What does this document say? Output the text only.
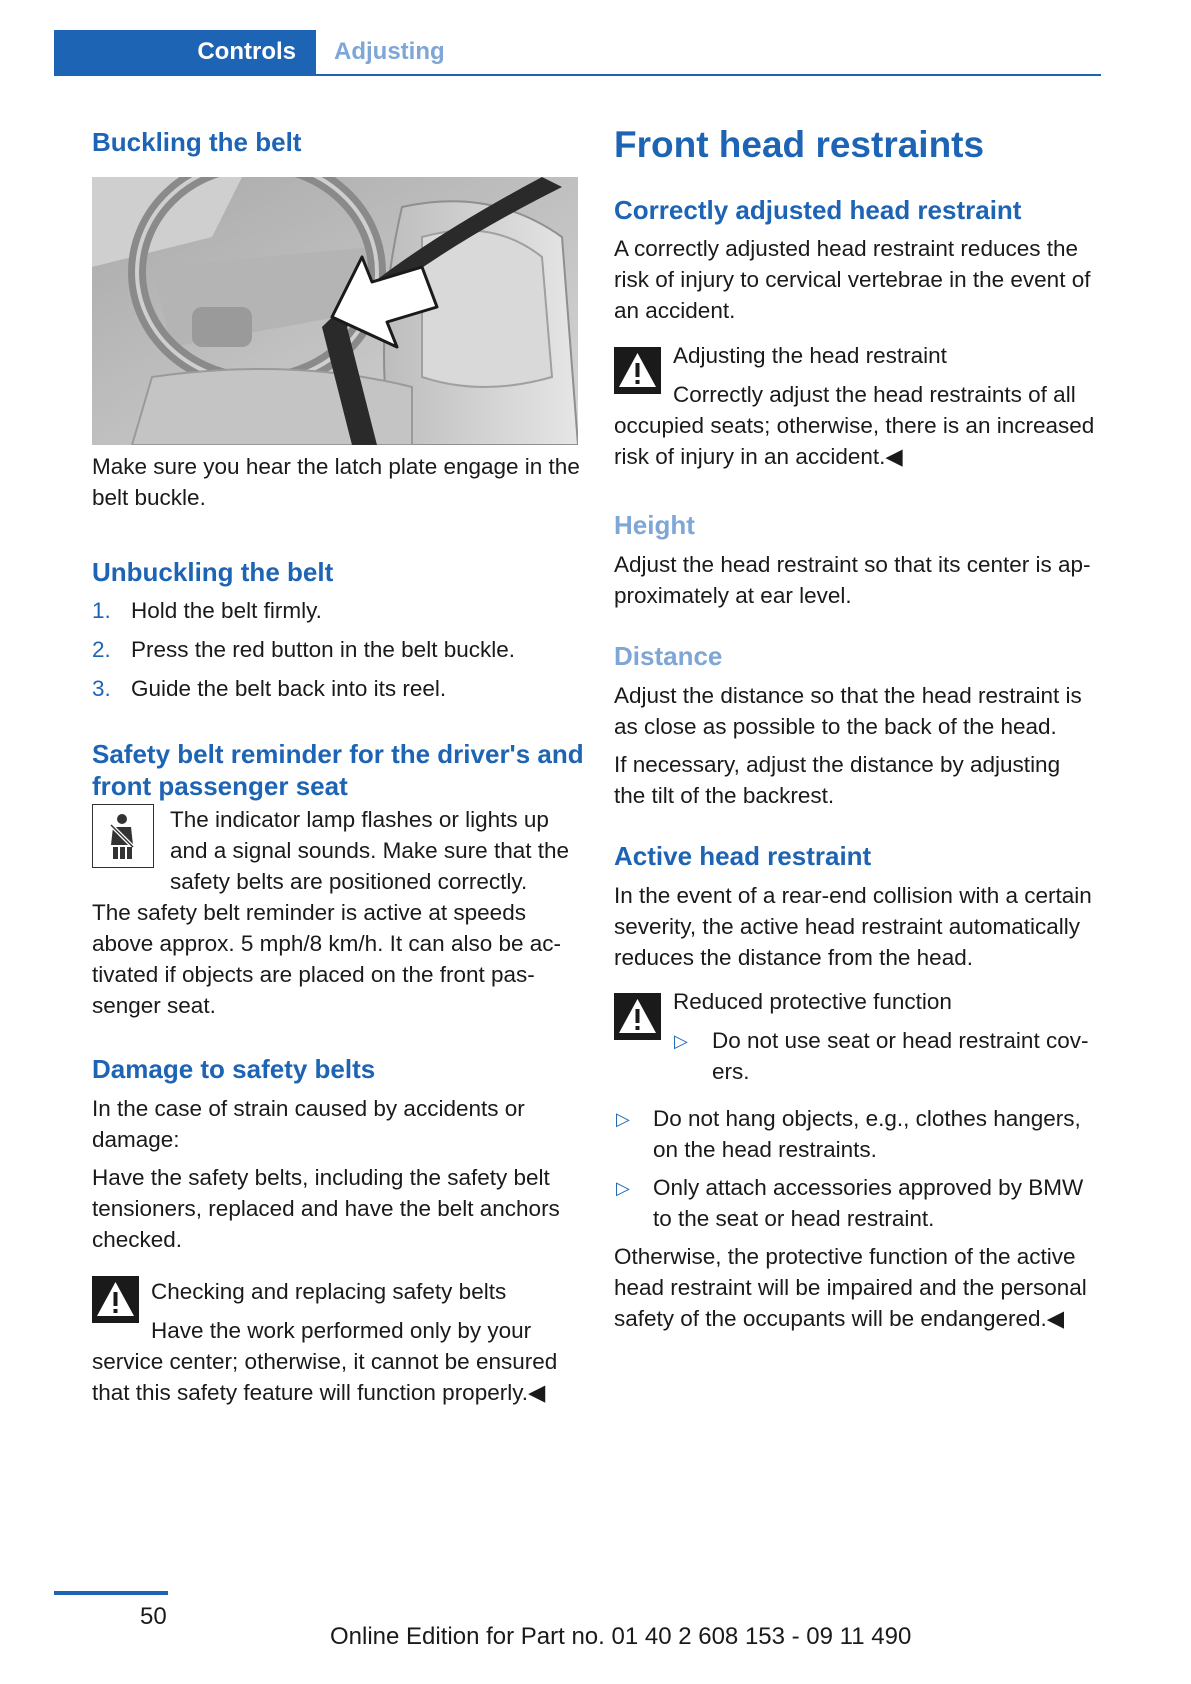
Controls	Adjusting
Buckling the belt

Make sure you hear the latch plate engage in the
belt buckle.

Unbuckling the belt
1. Hold the belt firmly.
2. Press the red button in the belt buckle.
3. Guide the belt back into its reel.
Safety belt reminder for the driver's and
front passenger seat

The indicator lamp flashes or lights up
and a signal sounds. Make sure that the
safety belts are positioned correctly.

The safety belt reminder is active at speeds
above approx. 5 mph/8 km/h. It can also be ac-
tivated if objects are placed on the front pas-
senger seat.

Damage to safety belts

In the case of strain caused by accidents or
damage:

Have the safety belts, including the safety belt
tensioners, replaced and have the belt anchors
checked.

Checking and replacing safety belts

Have the work performed only by your

service center; otherwise, it cannot be ensured
that this safety feature will function properly.◀

Front head restraints
Correctly adjusted head restraint

A correctly adjusted head restraint reduces the
risk of injury to cervical vertebrae in the event of
an accident.

Adjusting the head restraint

Correctly adjust the head restraints of all

occupied seats; otherwise, there is an increased
risk of injury in an accident.◀

Height

Adjust the head restraint so that its center is ap-
proximately at ear level.

Distance

Adjust the distance so that the head restraint is
as close as possible to the back of the head.

If necessary, adjust the distance by adjusting
the tilt of the backrest.

Active head restraint

In the event of a rear-end collision with a certain
severity, the active head restraint automatically
reduces the distance from the head.

Reduced protective function

▷ Do not use seat or head restraint cov-
ers.

▷ Do not hang objects, e.g., clothes hangers,
on the head restraints.

▷ Only attach accessories approved by BMW
to the seat or head restraint.

Otherwise, the protective function of the active
head restraint will be impaired and the personal
safety of the occupants will be endangered.◀

50
Online Edition for Part no. 01 40 2 608 153 - 09 11 490
